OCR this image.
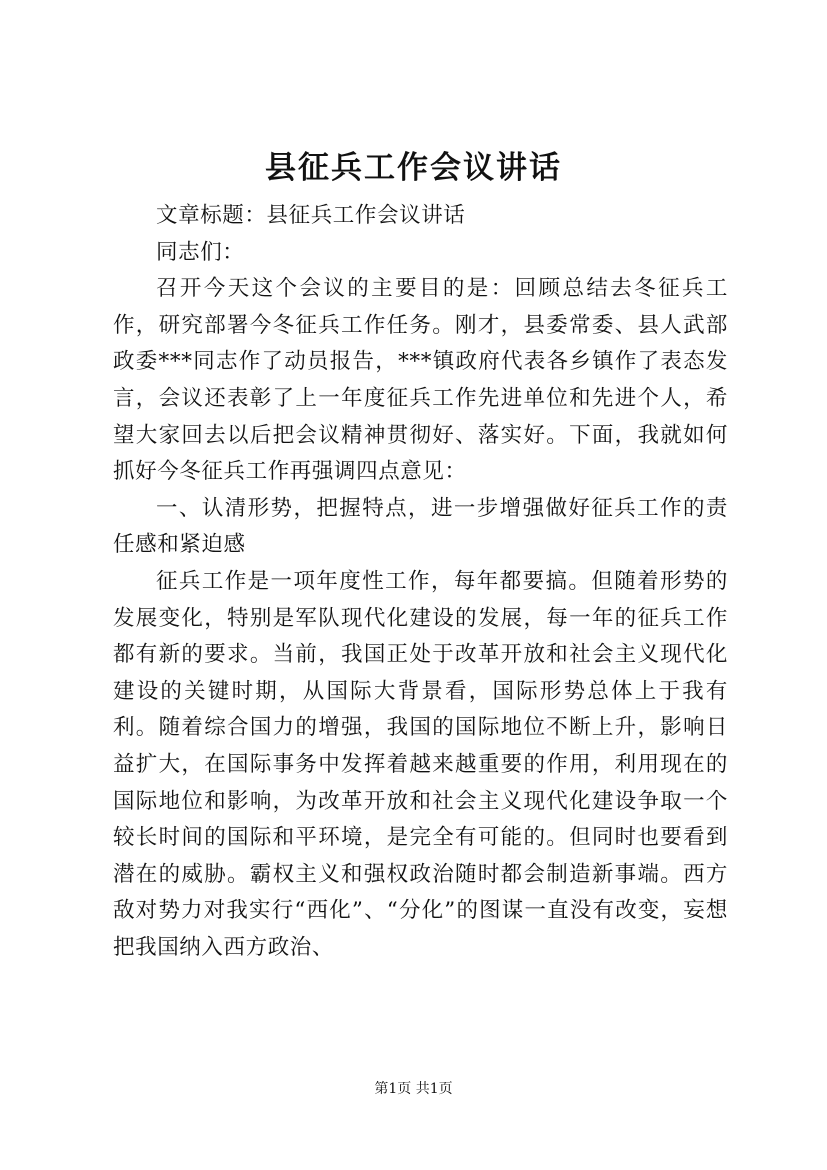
县征兵工作会议讲话

文章标题：县征兵工作会议讲话

同志们：

召开今天这个会议的主要目的是：回顾总结去冬征兵工作，研究部署今冬征兵工作任务。刚才，县委常委、县人武部政委***同志作了动员报告，***镇政府代表各乡镇作了表态发言，会议还表彰了上一年度征兵工作先进单位和先进个人，希望大家回去以后把会议精神贯彻好、落实好。下面，我就如何抓好今冬征兵工作再强调四点意见：

一、认清形势，把握特点，进一步增强做好征兵工作的责任感和紧迫感

征兵工作是一项年度性工作，每年都要搞。但随着形势的发展变化，特别是军队现代化建设的发展，每一年的征兵工作都有新的要求。当前，我国正处于改革开放和社会主义现代化建设的关键时期，从国际大背景看，国际形势总体上于我有利。随着综合国力的增强，我国的国际地位不断上升，影响日益扩大，在国际事务中发挥着越来越重要的作用，利用现在的国际地位和影响，为改革开放和社会主义现代化建设争取一个较长时间的国际和平环境，是完全有可能的。但同时也要看到潜在的威胁。霸权主义和强权政治随时都会制造新事端。西方敌对势力对我实行“西化”、“分化”的图谋一直没有改变，妄想把我国纳入西方政治、

第1页 共1页
